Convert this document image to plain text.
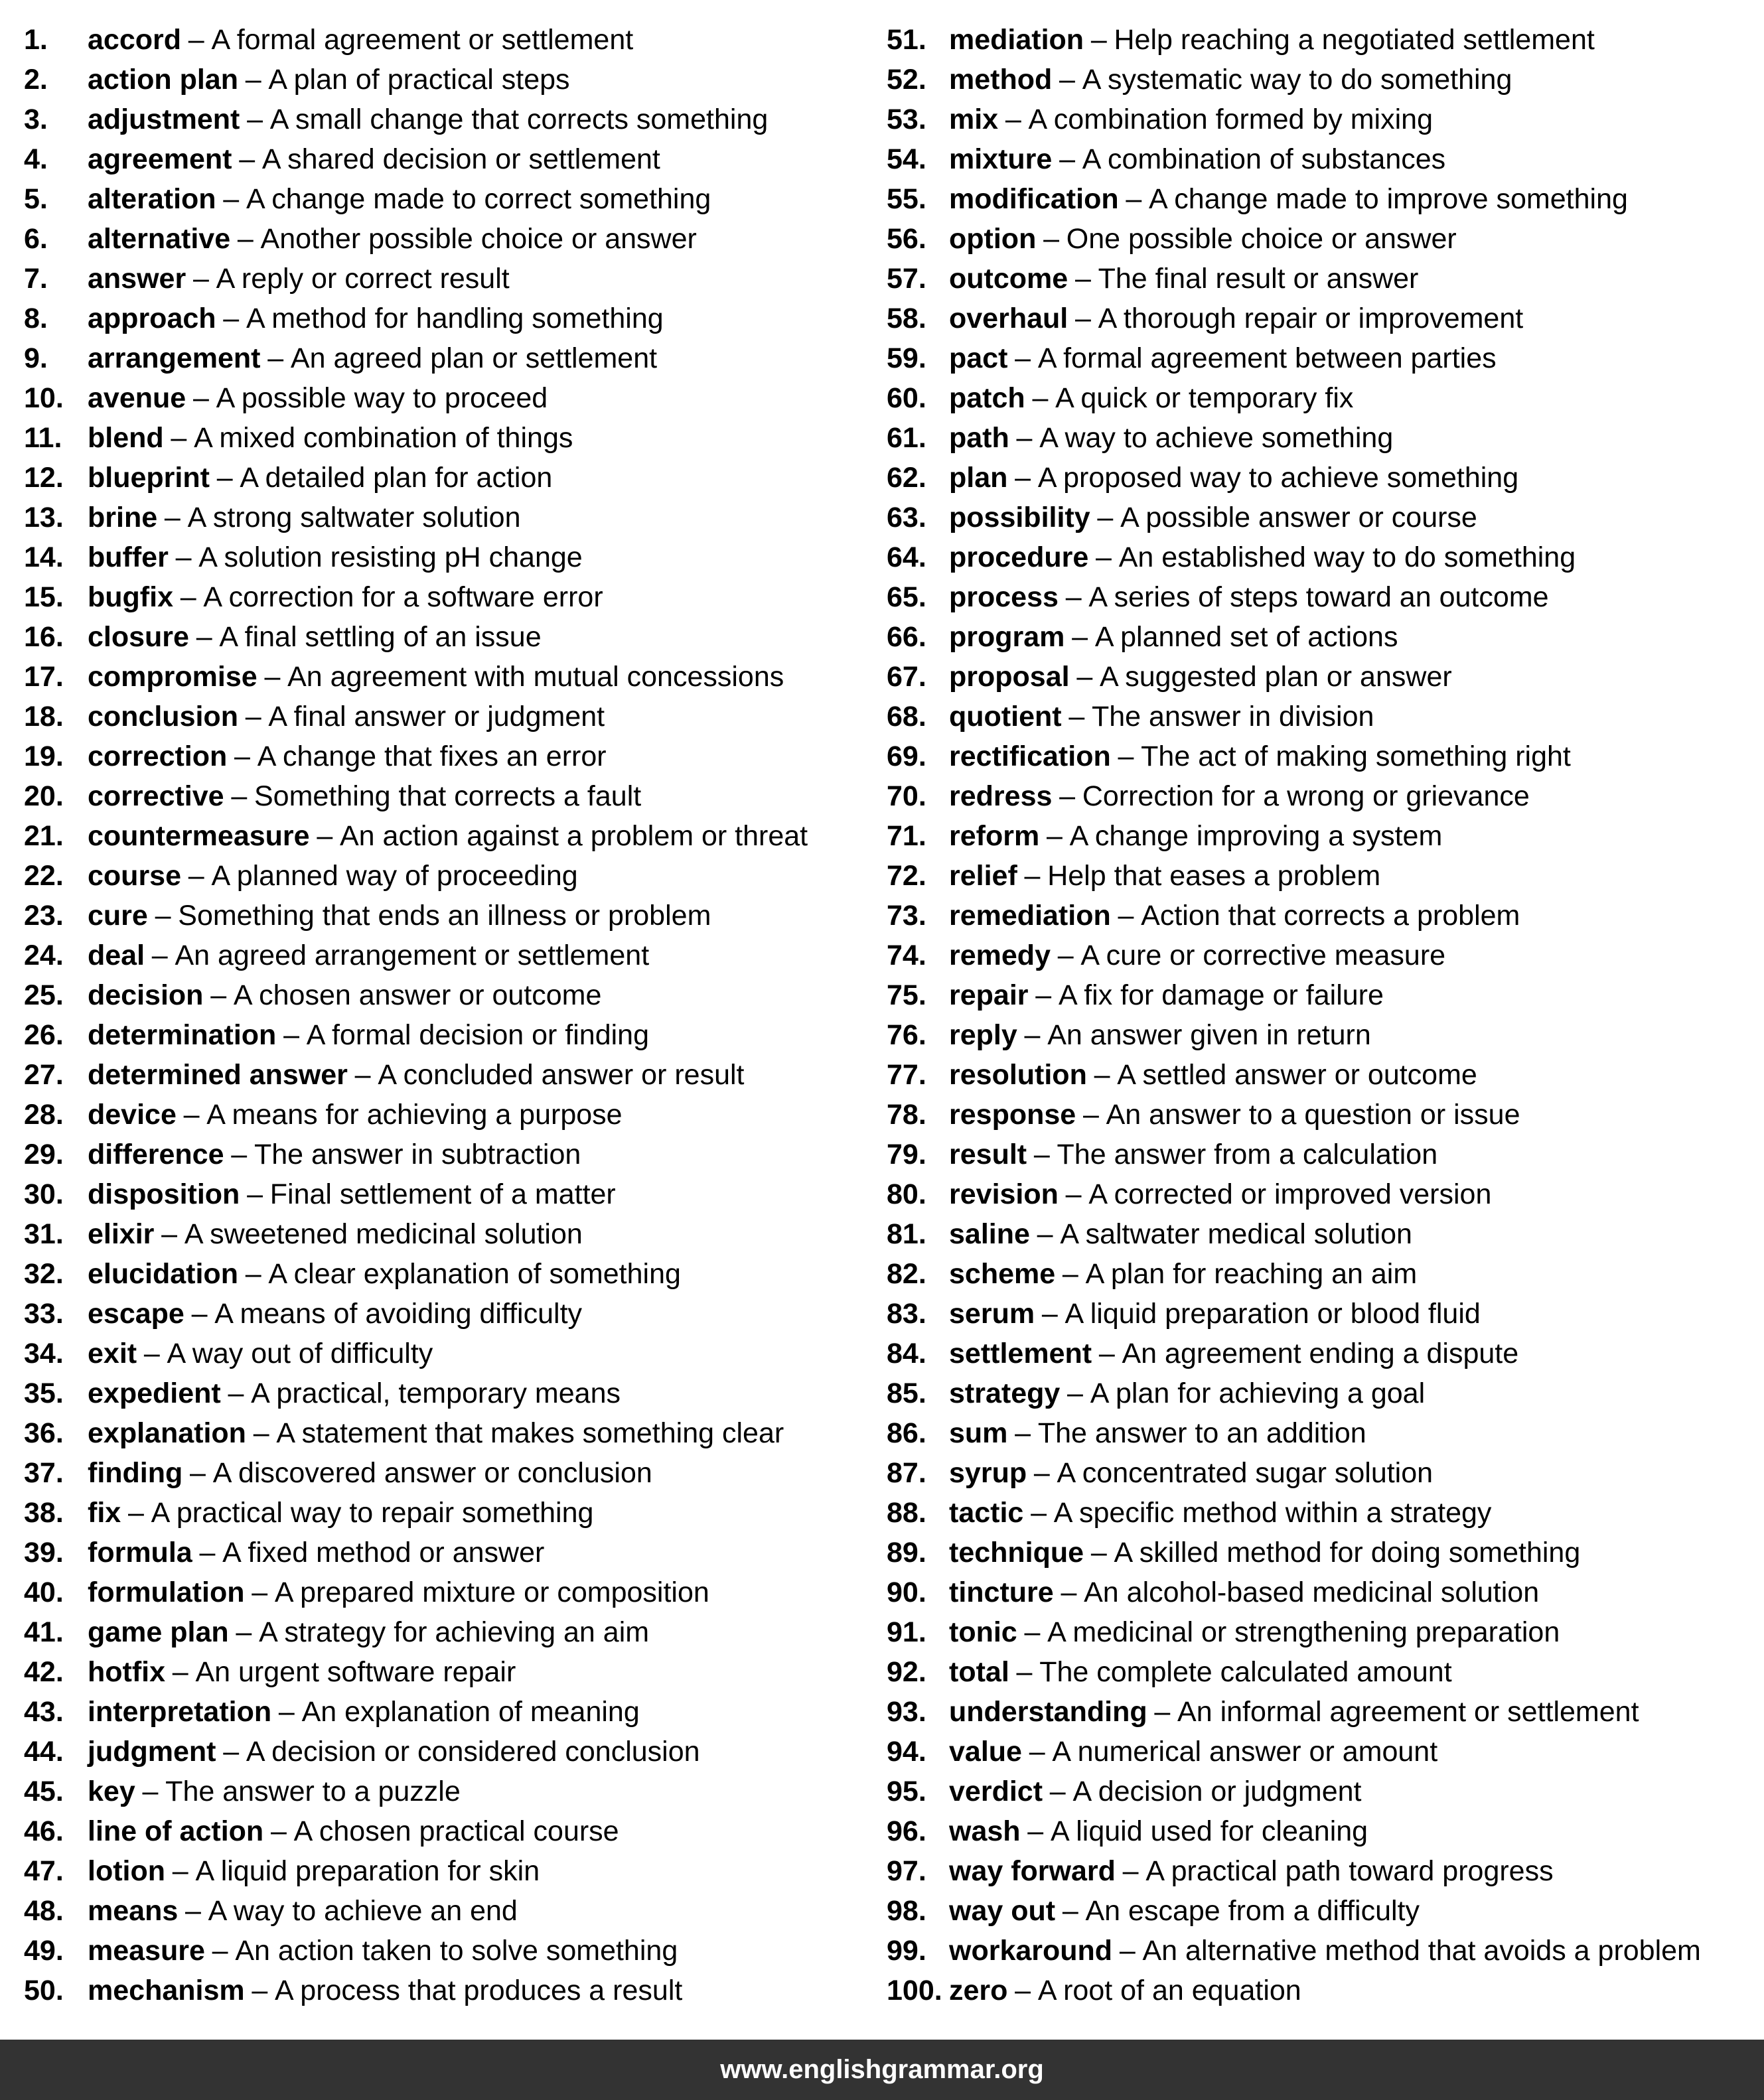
1.	accord – A formal agreement or settlement
2.	action plan – A plan of practical steps
3.	adjustment – A small change that corrects something
4.	agreement – A shared decision or settlement
5.	alteration – A change made to correct something
6.	alternative – Another possible choice or answer
7.	answer – A reply or correct result
8.	approach – A method for handling something
9.	arrangement – An agreed plan or settlement
10. avenue – A possible way to proceed
11. blend – A mixed combination of things
12. blueprint – A detailed plan for action
13. brine – A strong saltwater solution
14. buffer – A solution resisting pH change
15. bugfix – A correction for a software error
16. closure – A final settling of an issue
17. compromise – An agreement with mutual concessions
18. conclusion – A final answer or judgment
19. correction – A change that fixes an error
20. corrective – Something that corrects a fault
21. countermeasure – An action against a problem or threat
22. course – A planned way of proceeding
23. cure – Something that ends an illness or problem
24. deal – An agreed arrangement or settlement
25. decision – A chosen answer or outcome
26. determination – A formal decision or finding
27. determined answer – A concluded answer or result
28. device – A means for achieving a purpose
29. difference – The answer in subtraction
30. disposition – Final settlement of a matter
31. elixir – A sweetened medicinal solution
32. elucidation – A clear explanation of something
33. escape – A means of avoiding difficulty
34. exit – A way out of difficulty
35. expedient – A practical, temporary means
36. explanation – A statement that makes something clear
37. finding – A discovered answer or conclusion
38. fix – A practical way to repair something
39. formula – A fixed method or answer
40. formulation – A prepared mixture or composition
41. game plan – A strategy for achieving an aim
42. hotfix – An urgent software repair
43. interpretation – An explanation of meaning
44. judgment – A decision or considered conclusion
45. key – The answer to a puzzle
46. line of action – A chosen practical course
47. lotion – A liquid preparation for skin
48. means – A way to achieve an end
49. measure – An action taken to solve something
50. mechanism – A process that produces a result
51. mediation – Help reaching a negotiated settlement
52. method – A systematic way to do something
53. mix – A combination formed by mixing
54. mixture – A combination of substances
55. modification – A change made to improve something
56. option – One possible choice or answer
57. outcome – The final result or answer
58. overhaul – A thorough repair or improvement
59. pact – A formal agreement between parties
60. patch – A quick or temporary fix
61. path – A way to achieve something
62. plan – A proposed way to achieve something
63. possibility – A possible answer or course
64. procedure – An established way to do something
65. process – A series of steps toward an outcome
66. program – A planned set of actions
67. proposal – A suggested plan or answer
68. quotient – The answer in division
69. rectification – The act of making something right
70. redress – Correction for a wrong or grievance
71. reform – A change improving a system
72. relief – Help that eases a problem
73. remediation – Action that corrects a problem
74. remedy – A cure or corrective measure
75. repair – A fix for damage or failure
76. reply – An answer given in return
77. resolution – A settled answer or outcome
78. response – An answer to a question or issue
79. result – The answer from a calculation
80. revision – A corrected or improved version
81. saline – A saltwater medical solution
82. scheme – A plan for reaching an aim
83. serum – A liquid preparation or blood fluid
84. settlement – An agreement ending a dispute
85. strategy – A plan for achieving a goal
86. sum – The answer to an addition
87. syrup – A concentrated sugar solution
88. tactic – A specific method within a strategy
89. technique – A skilled method for doing something
90. tincture – An alcohol-based medicinal solution
91. tonic – A medicinal or strengthening preparation
92. total – The complete calculated amount
93. understanding – An informal agreement or settlement
94. value – A numerical answer or amount
95. verdict – A decision or judgment
96. wash – A liquid used for cleaning
97. way forward – A practical path toward progress
98. way out – An escape from a difficulty
99. workaround – An alternative method that avoids a problem
100. zero – A root of an equation
www.englishgrammar.org
